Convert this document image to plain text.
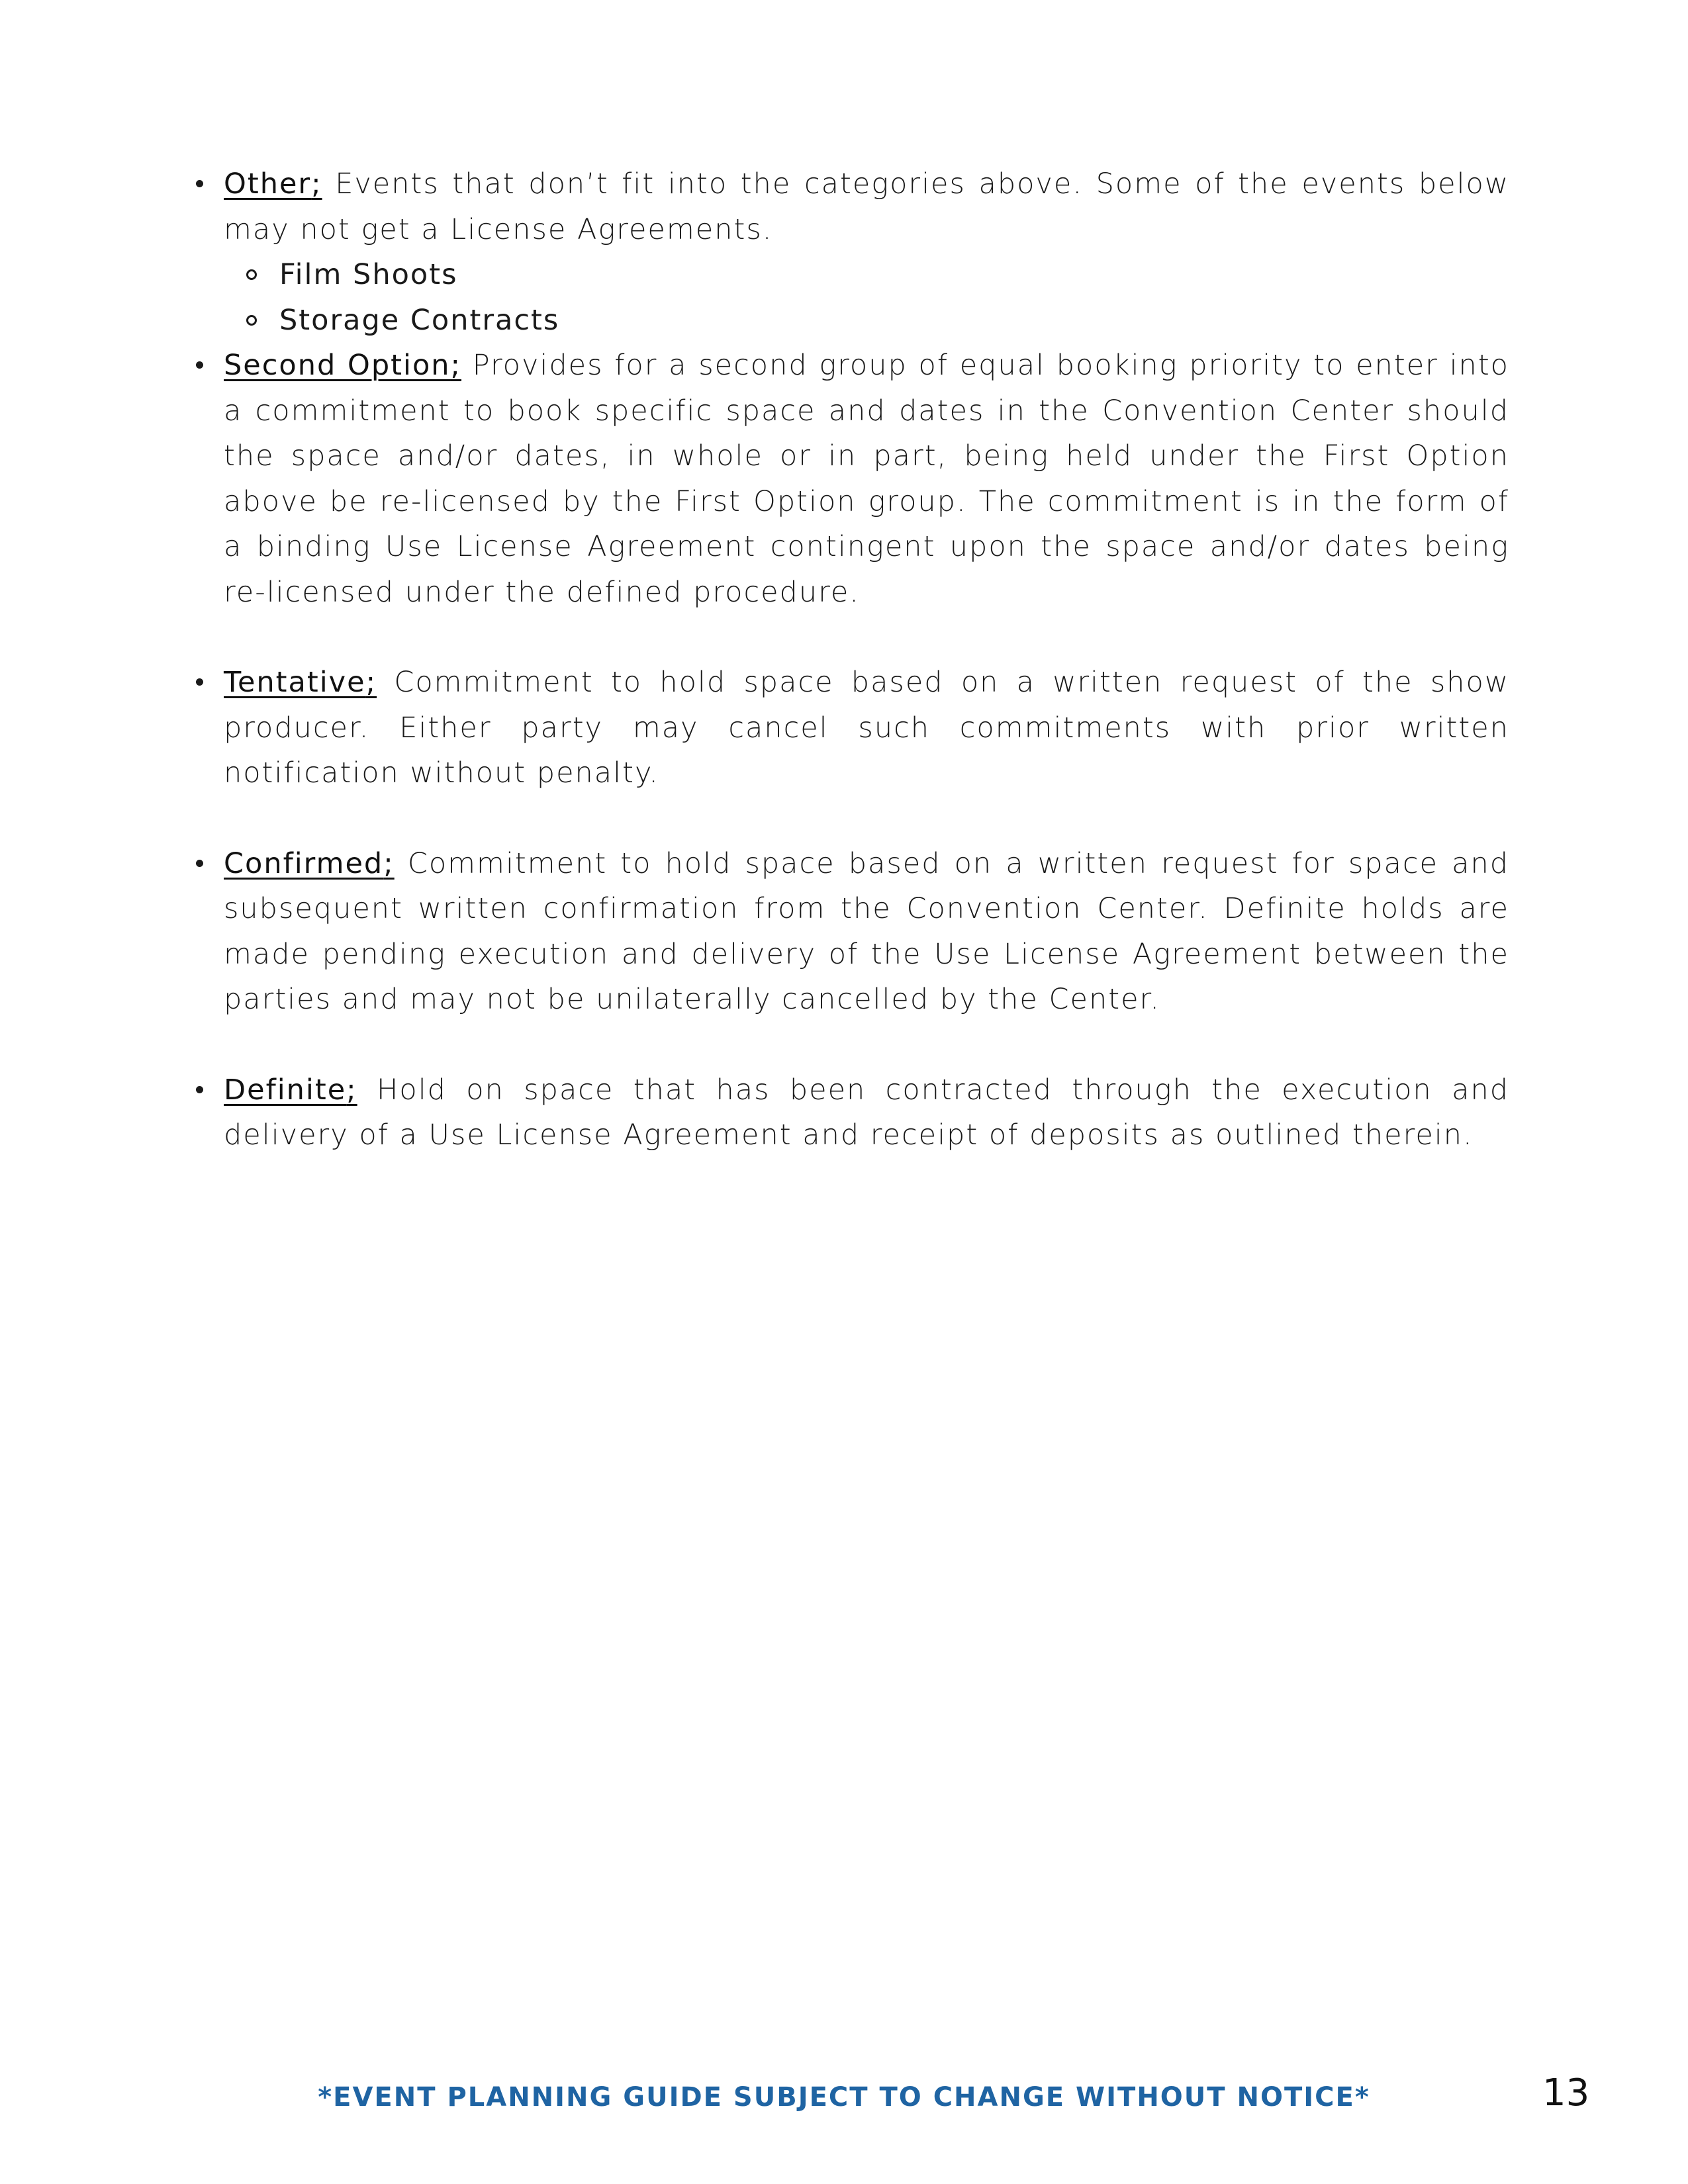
Other; Events that don’t fit into the categories above. Some of the events below may not get a License Agreements.
Film Shoots
Storage Contracts
Second Option; Provides for a second group of equal booking priority to enter into a commitment to book specific space and dates in the Convention Center should the space and/or dates, in whole or in part, being held under the First Option above be re-licensed by the First Option group. The commitment is in the form of a binding Use License Agreement contingent upon the space and/or dates being re-licensed under the defined procedure.
Tentative; Commitment to hold space based on a written request of the show producer. Either party may cancel such commitments with prior written notification without penalty.
Confirmed; Commitment to hold space based on a written request for space and subsequent written confirmation from the Convention Center. Definite holds are made pending execution and delivery of the Use License Agreement between the parties and may not be unilaterally cancelled by the Center.
Definite; Hold on space that has been contracted through the execution and delivery of a Use License Agreement and receipt of deposits as outlined therein.
*EVENT PLANNING GUIDE SUBJECT TO CHANGE WITHOUT NOTICE*	13
